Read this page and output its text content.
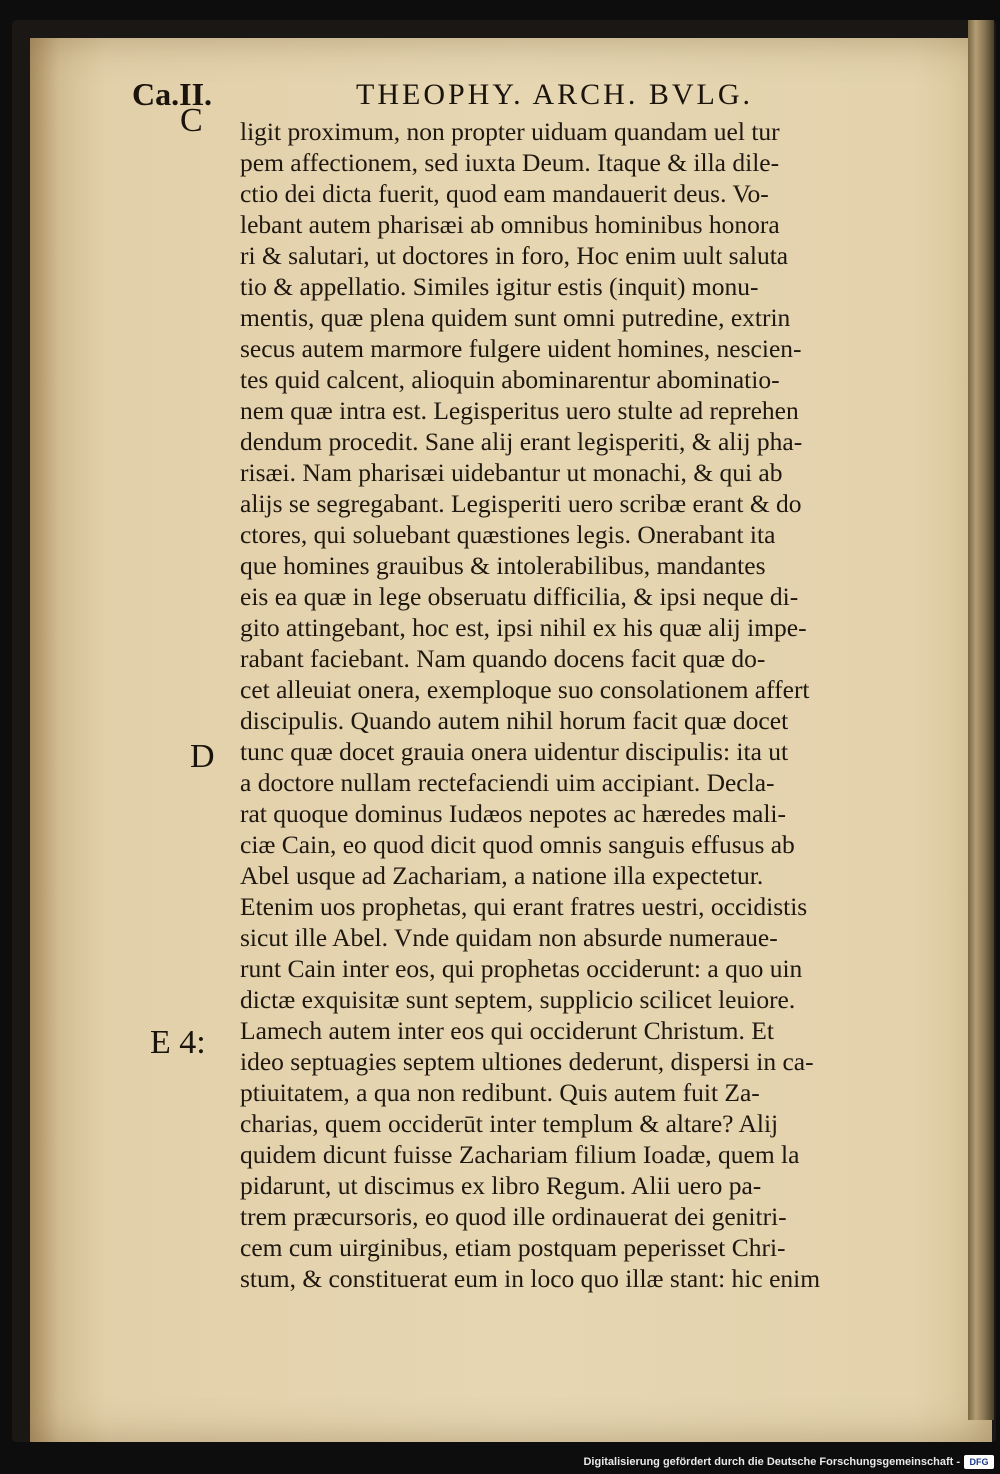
Ca.II.	THEOPHY. ARCH. BVLG.
C
D
E 4:
ligit proximum, non propter uiduam quandam uel tur
pem affectionem, sed iuxta Deum. Itaque & illa dile-
ctio dei dicta fuerit, quod eam mandauerit deus. Vo-
lebant autem pharisæi ab omnibus hominibus honora
ri & salutari, ut doctores in foro, Hoc enim uult saluta
tio & appellatio. Similes igitur estis (inquit) monu-
mentis, quæ plena quidem sunt omni putredine, extrin
secus autem marmore fulgere uident homines, nescien-
tes quid calcent, alioquin abominarentur abominatio-
nem quæ intra est. Legisperitus uero stulte ad reprehen
dendum procedit. Sane alij erant legisperiti, & alij pha-
risæi. Nam pharisæi uidebantur ut monachi, & qui ab
alijs se segregabant. Legisperiti uero scribæ erant & do
ctores, qui soluebant quæstiones legis. Onerabant ita
que homines grauibus & intolerabilibus, mandantes
eis ea quæ in lege obseruatu difficilia, & ipsi neque di-
gito attingebant, hoc est, ipsi nihil ex his quæ alij impe-
rabant faciebant. Nam quando docens facit quæ do-
cet alleuiat onera, exemploque suo consolationem affert
discipulis. Quando autem nihil horum facit quæ docet
tunc quæ docet grauia onera uidentur discipulis: ita ut
a doctore nullam rectefaciendi uim accipiant. Decla-
rat quoque dominus Iudæos nepotes ac hæredes mali-
ciæ Cain, eo quod dicit quod omnis sanguis effusus ab
Abel usque ad Zachariam, a natione illa expectetur.
Etenim uos prophetas, qui erant fratres uestri, occidistis
sicut ille Abel. Vnde quidam non absurde numeraue-
runt Cain inter eos, qui prophetas occiderunt: a quo uin
dictæ exquisitæ sunt septem, supplicio scilicet leuiore.
Lamech autem inter eos qui occiderunt Christum. Et
ideo septuagies septem ultiones dederunt, dispersi in ca-
ptiuitatem, a qua non redibunt. Quis autem fuit Za-
charias, quem occiderūt inter templum & altare? Alij
quidem dicunt fuisse Zachariam filium Ioadæ, quem la
pidarunt, ut discimus ex libro Regum. Alii uero pa-
trem præcursoris, eo quod ille ordinauerat dei genitri-
cem cum uirginibus, etiam postquam peperisset Chri-
stum, & constituerat eum in loco quo illæ stant: hic enim
Digitalisierung gefördert durch die Deutsche Forschungsgemeinschaft -	DFG
